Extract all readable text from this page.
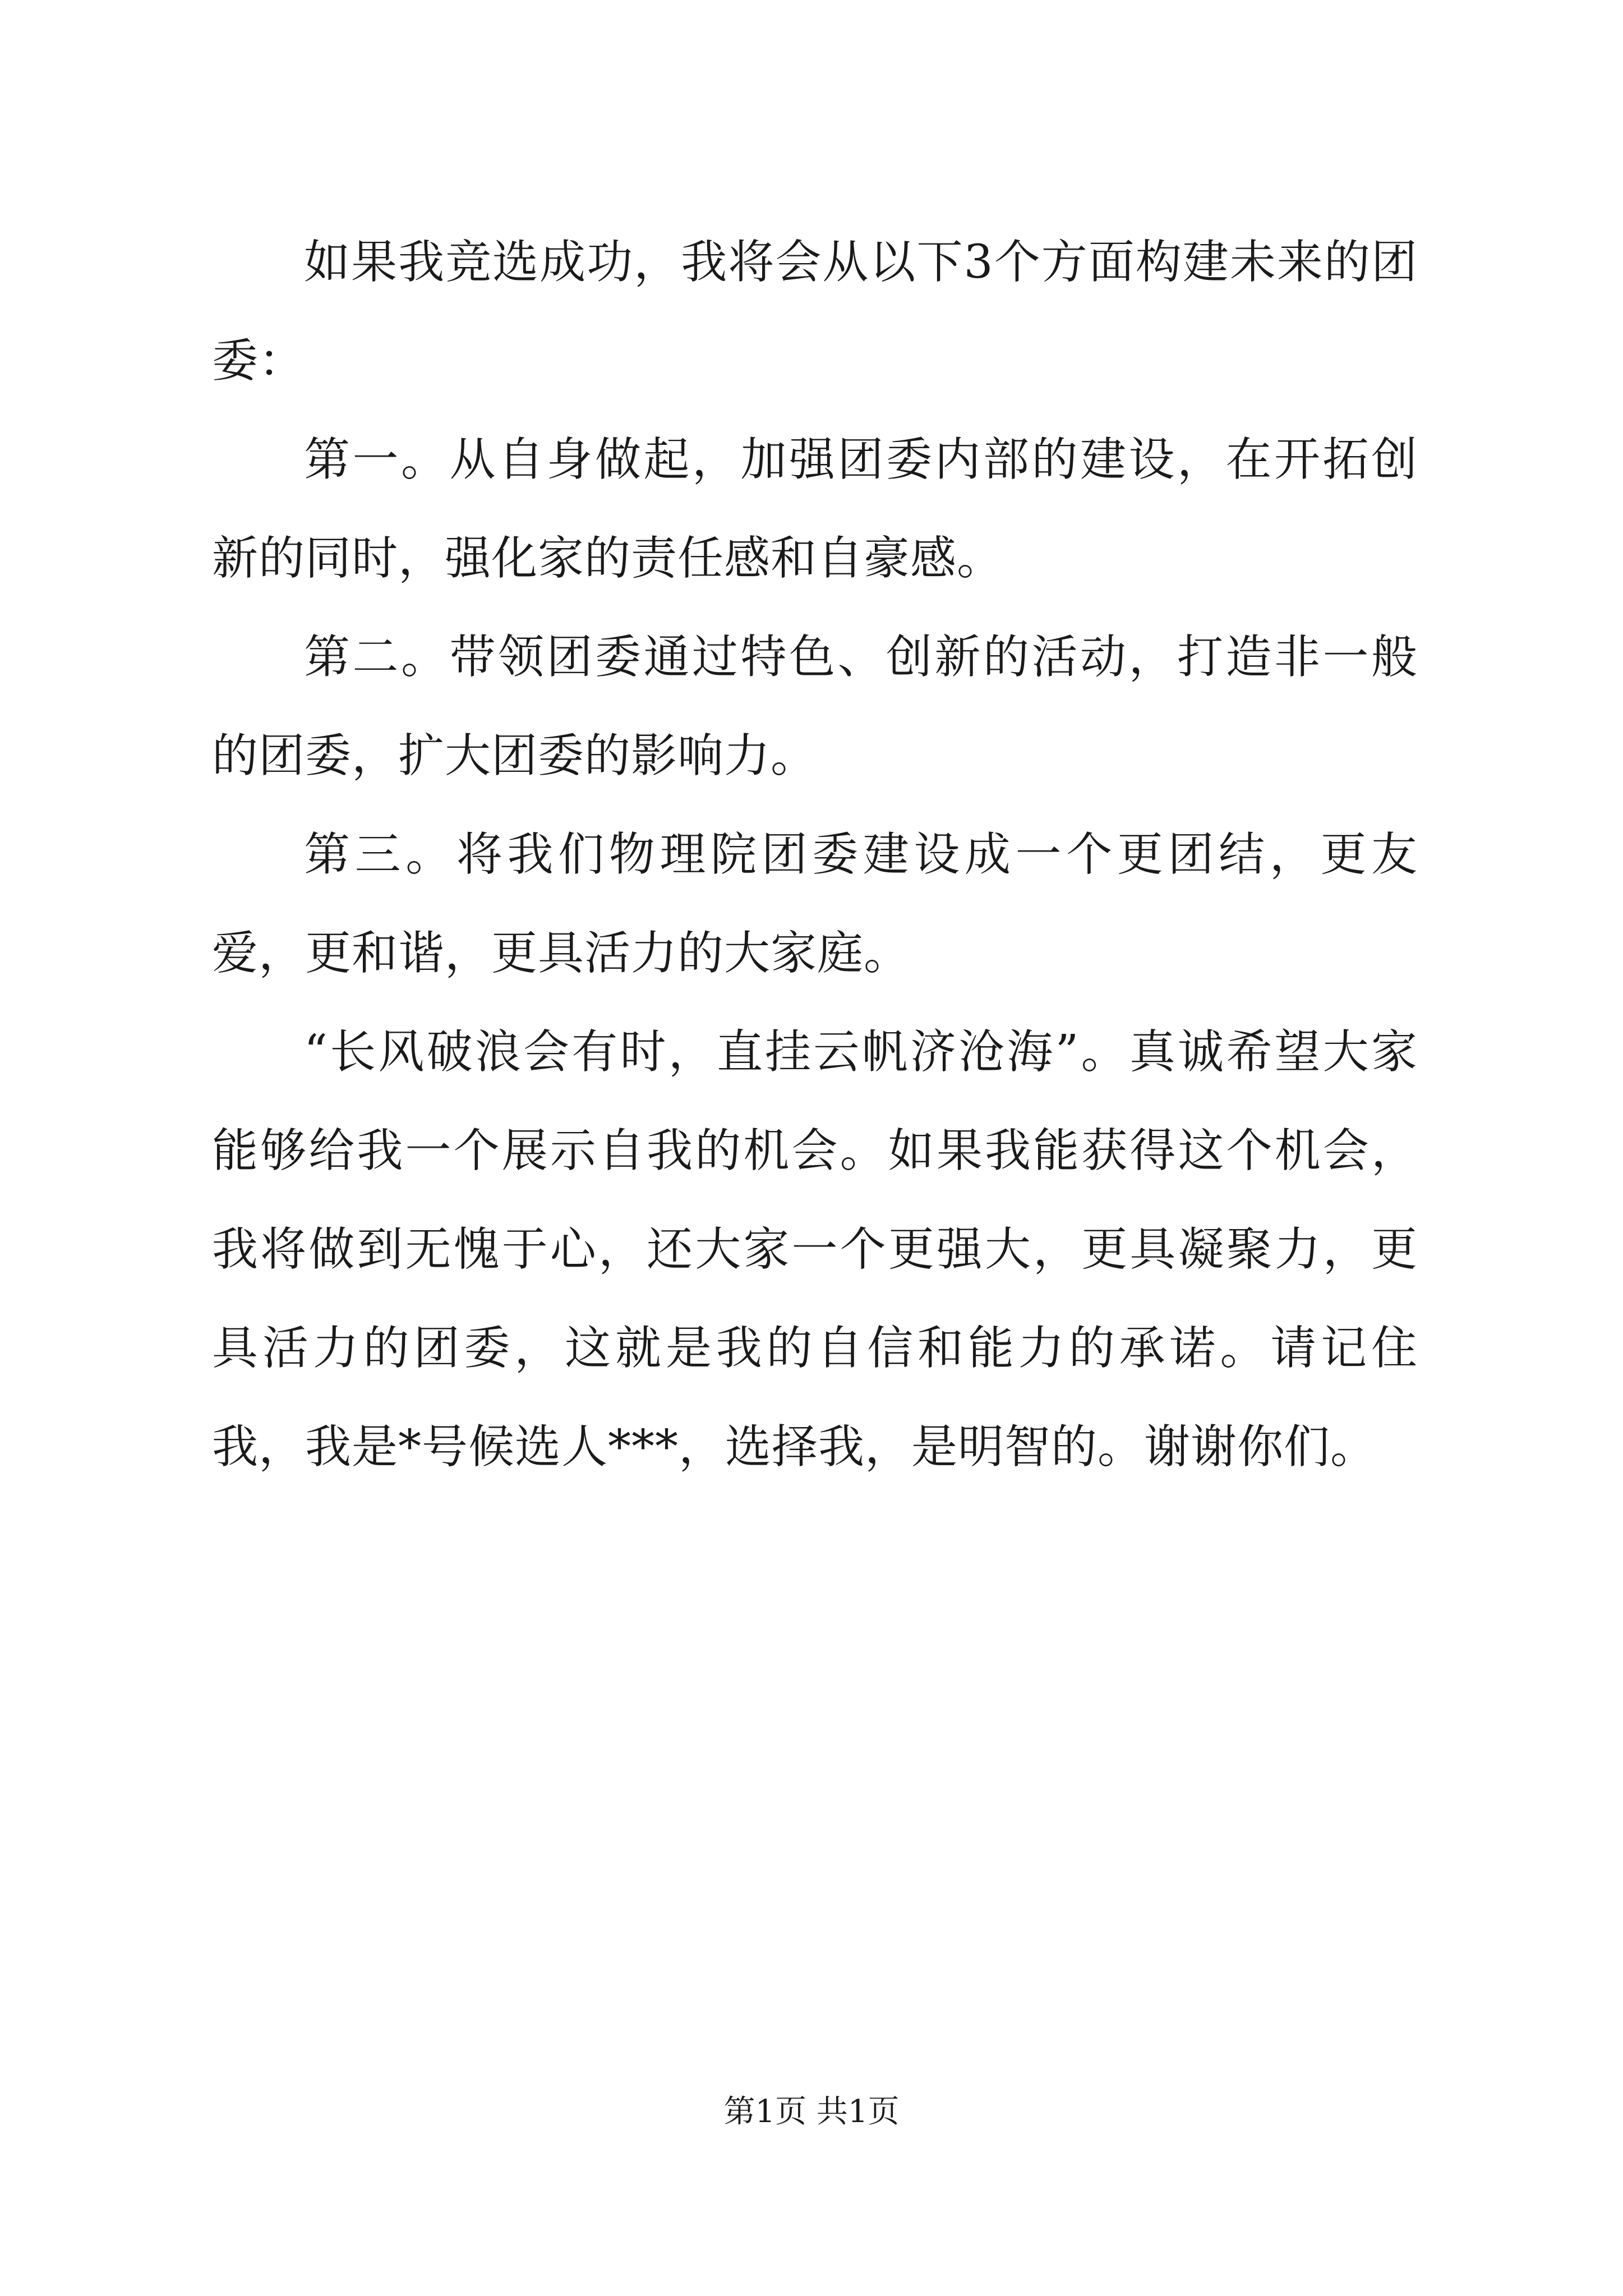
如果我竞选成功，我将会从以下3个方面构建未来的团委：

第一。从自身做起，加强团委内部的建设，在开拓创新的同时，强化家的责任感和自豪感。

第二。带领团委通过特色、创新的活动，打造非一般的团委，扩大团委的影响力。

第三。将我们物理院团委建设成一个更团结，更友爱，更和谐，更具活力的大家庭。

“长风破浪会有时，直挂云帆济沧海”。真诚希望大家能够给我一个展示自我的机会。如果我能获得这个机会，我将做到无愧于心，还大家一个更强大，更具凝聚力，更具活力的团委，这就是我的自信和能力的承诺。请记住我，我是*号候选人***，选择我，是明智的。谢谢你们。

第1页 共1页
